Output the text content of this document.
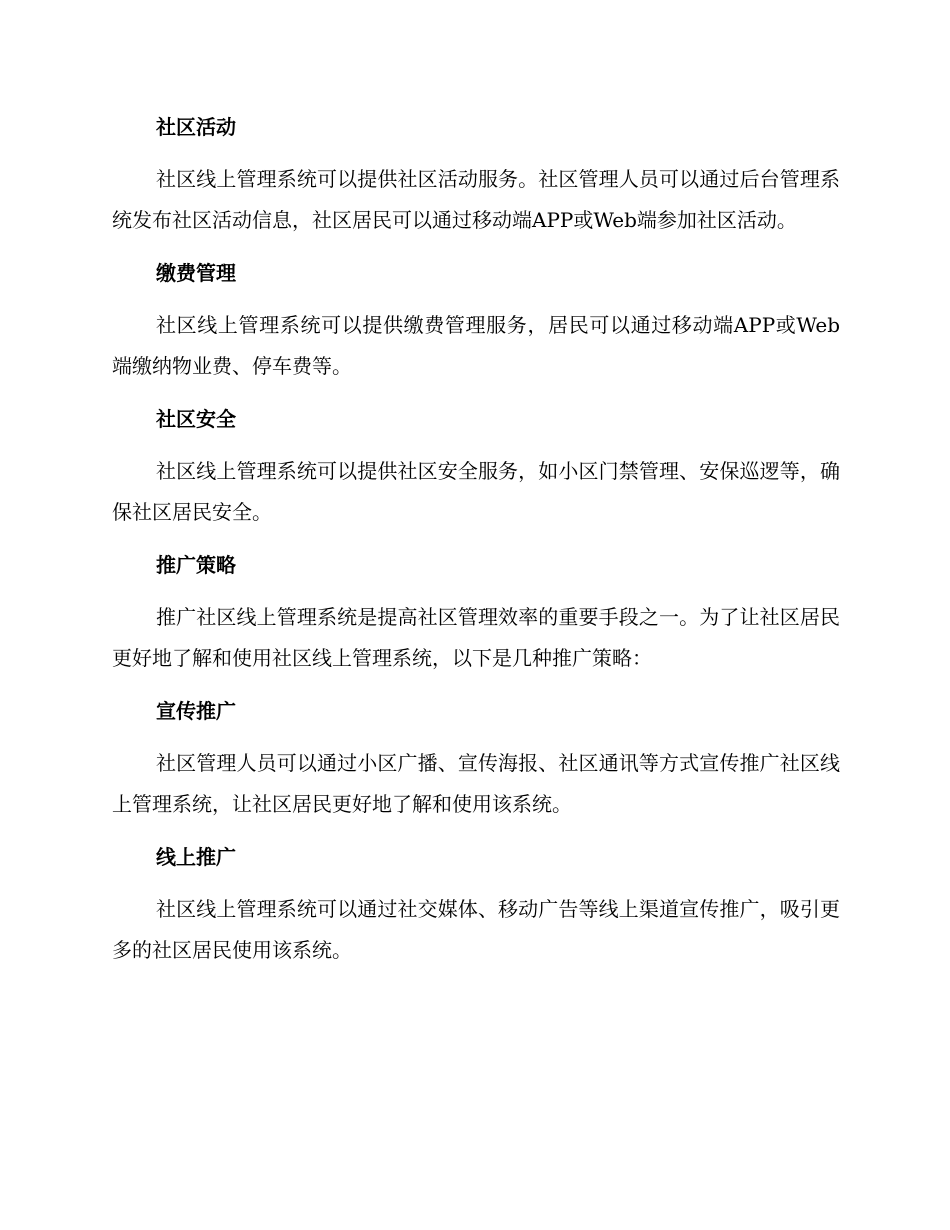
社区活动

社区线上管理系统可以提供社区活动服务。社区管理人员可以通过后台管理系统发布社区活动信息，社区居民可以通过移动端APP或Web端参加社区活动。

缴费管理

社区线上管理系统可以提供缴费管理服务，居民可以通过移动端APP或Web端缴纳物业费、停车费等。

社区安全

社区线上管理系统可以提供社区安全服务，如小区门禁管理、安保巡逻等，确保社区居民安全。

推广策略

推广社区线上管理系统是提高社区管理效率的重要手段之一。为了让社区居民更好地了解和使用社区线上管理系统，以下是几种推广策略：

宣传推广

社区管理人员可以通过小区广播、宣传海报、社区通讯等方式宣传推广社区线上管理系统，让社区居民更好地了解和使用该系统。

线上推广

社区线上管理系统可以通过社交媒体、移动广告等线上渠道宣传推广，吸引更多的社区居民使用该系统。
